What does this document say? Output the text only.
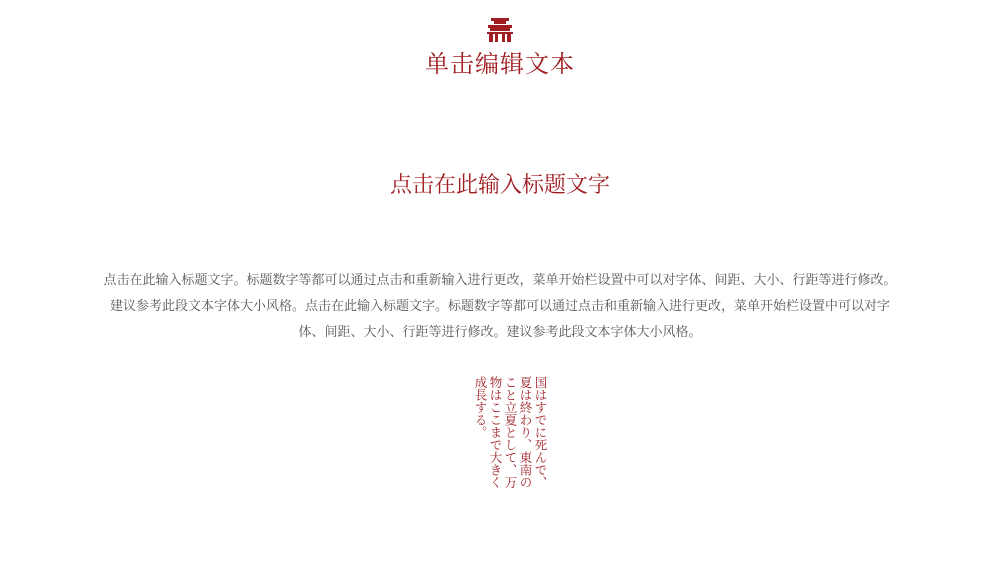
单击编辑文本
点击在此输入标题文字
点击在此输入标题文字。标题数字等都可以通过点击和重新输入进行更改，菜单开始栏设置中可以对字体、间距、大小、行距等进行修改。建议参考此段文本字体大小风格。点击在此输入标题文字。标题数字等都可以通过点击和重新输入进行更改，菜单开始栏设置中可以对字体、间距、大小、行距等进行修改。建议参考此段文本字体大小风格。
国はすでに死んで、
夏は終わり、東南の
こと立夏として、万
物はここまで大きく
成長する。
